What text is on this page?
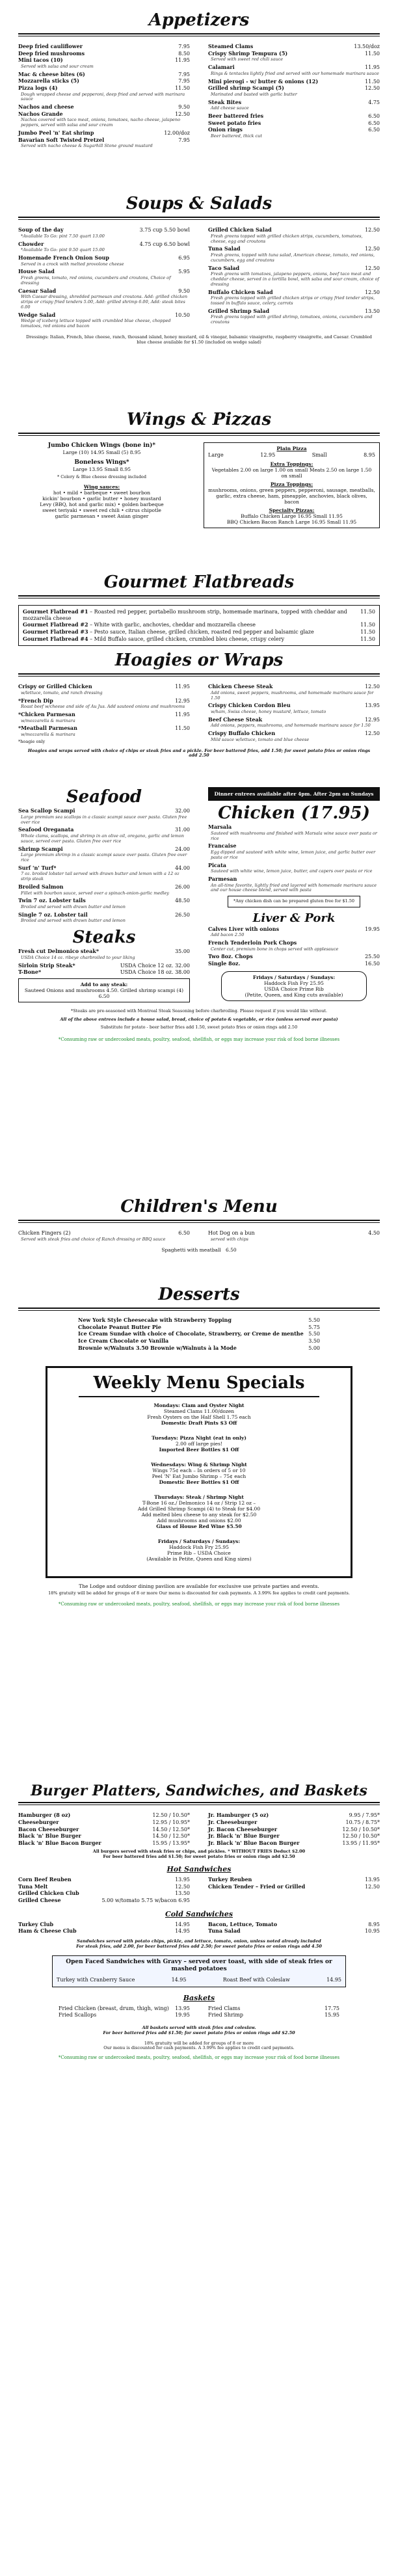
Appetizers
Deep fried cauliflower	7.95
Deep fried mushrooms	8.50
Mini tacos (10)	11.95
Served with salsa and sour cream
Mac & cheese bites (6)	7.95
Mozzarella sticks (5)	7.95
Pizza logs (4)	11.50
Dough wrapped cheese and pepperoni, deep fried and served with marinara sauce
Nachos and cheese	9.50
Nachos Grande	12.50
Nachos covered with taco meat, onions, tomatoes, nacho cheese, jalapeno peppers, served with salsa and sour cream
Jumbo Peel 'n' Eat shrimp	12.00/doz
Bavarian Soft Twisted Pretzel	7.95
Served with nacho cheese & Sugarhill Stone ground mustard
Steamed Clams	13.50/doz
Crispy Shrimp Tempura (5)	11.50
Served with sweet red chili sauce
Calamari	11.95
Rings & tentacles lightly fried and served with our homemade marinara sauce
Mini pierogi - w/ butter & onions (12)	11.50
Grilled shrimp Scampi (5)	12.50
Marinated and basted with garlic butter
Steak Bites	4.75
Add cheese sauce
Beer battered fries	6.50
Sweet potato fries	6.50
Onion rings	6.50
Beer battered, thick cut
Soups & Salads
Soup of the day	3.75 cup 5.50 bowl
*Available To Go: pint 7.50 quart 13.00
Chowder	4.75 cup 6.50 bowl
*Available To Go: pint 9.50 quart 15.00
Homemade French Onion Soup	6.95
Served in a crock with melted provolone cheese
House Salad	5.95
Fresh greens, tomato, red onions, cucumbers and croutons, Choice of dressing
Caesar Salad	9.50
With Caesar dressing, shredded parmesan and croutons. Add: grilled chicken strips or crispy fried tenders 5.00, Add: grilled shrimp 6.00, Add: steak bites 6.00
Wedge Salad	10.50
Wedge of iceberg lettuce topped with crumbled blue cheese, chopped tomatoes, red onions and bacon
Grilled Chicken Salad	12.50
Fresh greens topped with grilled chicken strips, cucumbers, tomatoes, cheese, egg and croutons
Tuna Salad	12.50
Fresh greens, topped with tuna salad, American cheese, tomato, red onions, cucumbers, egg and croutons
Taco Salad	12.50
Fresh greens with tomatoes, jalapeno peppers, onions, beef taco meat and cheddar cheese, served in a tortilla bowl, with salsa and sour cream, choice of dressing
Buffalo Chicken Salad	12.50
Fresh greens topped with grilled chicken strips or crispy fried tender strips, tossed in buffalo sauce, celery, carrots
Grilled Shrimp Salad	13.50
Fresh greens topped with grilled shrimp, tomatoes, onions, cucumbers and croutons
Dressings: Italian, French, blue cheese, ranch, thousand island, honey mustard, oil & vinegar, balsamic vinaigrette, raspberry vinaigrette, and Caesar. Crumbled blue cheese available for $1.50 (included on wedge salad)
Wings & Pizzas
Jumbo Chicken Wings (bone in)*
Large (10) 14.95 Small (5) 8.95
Boneless Wings*
Large 13.95 Small 8.95
* Celery & Blue cheese dressing included
Wing sauces:
hot • mild • barbeque • sweet bourbon
kickin' bourbon • garlic butter • honey mustard
Levy (BBQ, hot and garlic mix) • golden barbeque
sweet teriyaki • sweet red chili • citrus chipotle
garlic parmesan • sweet Asian ginger
Plain Pizza
Large	12.95	Small	8.95
Extra Toppings:
Vegetables 2.00 on large 1.00 on small Meats 2.50 on large 1.50 on small
Pizza Toppings:
mushrooms, onions, green peppers, pepperoni, sausage, meatballs, garlic, extra cheese, ham, pineapple, anchovies, black olives, bacon
Specialty Pizzas:
Buffalo Chicken Large 16.95 Small 11.95
BBQ Chicken Bacon Ranch Large 16.95 Small 11.95
Gourmet Flatbreads
Gourmet Flatbread #1 – Roasted red pepper, portabello mushroom strip, homemade marinara, topped with cheddar and mozzarella cheese
11.50
Gourmet Flatbread #2 – White with garlic, anchovies, cheddar and mozzarella cheese	11.50
Gourmet Flatbread #3 – Pesto sauce, Italian cheese, grilled chicken, roasted red pepper and balsamic glaze	11.50
Gourmet Flatbread #4 – Mild Buffalo sauce, grilled chicken, crumbled bleu cheese, crispy celery	11.50
Hoagies or Wraps
Crispy or Grilled Chicken	11.95
w/lettuce, tomato, and ranch dressing
*French Dip	12.95
Roast beef w/cheese and side of Au Jus. Add sauteed onions and mushrooms
*Chicken Parmesan	11.95
w/mozzarella & marinara
*Meatball Parmesan	11.50
w/mozzarella & marinara
*hoagie only
Chicken Cheese Steak	12.50
Add onions, sweet peppers, mushrooms, and homemade marinara sauce for 1.50
Crispy Chicken Cordon Bleu	13.95
w/ham, Swiss cheese, honey mustard, lettuce, tomato
Beef Cheese Steak	12.95
Add onions, peppers, mushrooms, and homemade marinara sauce for 1.50
Crispy Buffalo Chicken	12.50
Mild sauce w/lettuce, tomato and blue cheese
Hoagies and wraps served with choice of chips or steak fries and a pickle. For beer battered fries, add 1.50; for sweet potato fries or onion rings add 2.50
Seafood
Sea Scallop Scampi	32.00
Large premium sea scallops in a classic scampi sauce over pasta. Gluten free over rice
Seafood Oreganata	31.00
Whole clams, scallops, and shrimp in an olive oil, oregano, garlic and lemon sauce, served over pasta. Gluten free over rice
Shrimp Scampi	24.00
Large premium shrimp in a classic scampi sauce over pasta. Gluten free over rice
Surf 'n' Turf*	44.00
7 oz. broiled lobster tail served with drawn butter and lemon with a 12 oz strip steak
Broiled Salmon	26.00
Fillet with bourbon sauce, served over a spinach-onion-garlic medley
Twin 7 oz. Lobster tails	48.50
Broiled and served with drawn butter and lemon
Single 7 oz. Lobster tail	26.50
Broiled and served with drawn butter and lemon
Steaks
Fresh cut Delmonico steak*	35.00
USDA Choice 14 oz. ribeye charbroiled to your liking
Sirloin Strip Steak*	USDA Choice 12 oz. 32.00
T-Bone*	USDA Choice 18 oz. 38.00
Add to any steak:
Sauteed Onions and mushrooms 4.50. Grilled shrimp scampi (4) 6.50
Dinner entrees available after 4pm. After 2pm on Sundays
Chicken (17.95)
Marsala
Sauteed with mushrooms and finished with Marsala wine sauce over pasta or rice
Francaise
Egg dipped and sauteed with white wine, lemon juice, and garlic butter over pasta or rice
Picata
Sauteed with white wine, lemon juice, butter, and capers over pasta or rice
Parmesan
An all-time favorite, lightly fried and layered with homemade marinara sauce and our house cheese blend, served with pasta
*Any chicken dish can be prepared gluten free for $1.50
Liver & Pork
Calves Liver with onions	19.95
Add bacon 2.50
French Tenderloin Pork Chops
Center cut, premium bone in chops served with applesauce
Two 8oz. Chops	25.50
Single 8oz.	16.50
Fridays / Saturdays / Sundays:
Haddock Fish Fry 25.95
USDA Choice Prime Rib
(Petite, Queen, and King cuts available)
*Steaks are pre-seasoned with Montreal Steak Seasoning before charbroiling. Please request if you would like without.
All of the above entrees include a house salad, bread, choice of potato & vegetable, or rice (unless served over pasta)
Substitute for potato - beer batter fries add 1.50, sweet potato fries or onion rings add 2.50
*Consuming raw or undercooked meats, poultry, seafood, shellfish, or eggs may increase your risk of food borne illnesses
Children's Menu
Chicken Fingers (2)	6.50
Served with steak fries and choice of Ranch dressing or BBQ sauce
Hot Dog on a bun	4.50
served with chips
Spaghetti with meatball 6.50
Desserts
New York Style Cheesecake with Strawberry Topping	5.50
Chocolate Peanut Butter Pie	5.75
Ice Cream Sundae with choice of Chocolate, Strawberry, or Creme de menthe 5.50
Ice Cream Chocolate or Vanilla	3.50
Brownie w/Walnuts 3.50 Brownie w/Walnuts à la Mode	5.00
Weekly Menu Specials
Mondays: Clam and Oyster Night
Steamed Clams 11.00/dozen
Fresh Oysters on the Half Shell 1.75 each
Domestic Draft Pints $3 Off
Tuesdays: Pizza Night (eat in only)
2.00 off large pies!
Imported Beer Bottles $1 Off
Wednesdays: Wing & Shrimp Night
Wings 75¢ each – In orders of 5 or 10
Peel 'N' Eat Jumbo Shrimp – 75¢ each
Domestic Beer Bottles $1 Off
Thursdays: Steak / Shrimp Night
T-Bone 16 oz./ Delmonico 14 oz / Strip 12 oz –
Add Grilled Shrimp Scampi (4) to Steak for $4.00
Add melted bleu cheese to any steak for $2.50
Add mushrooms and onions $2.00
Glass of House Red Wine $5.50
Fridays / Saturdays / Sundays:
Haddock Fish Fry 25.95
Prime Rib – USDA Choice
(Available in Petite, Queen and King sizes)
The Lodge and outdoor dining pavilion are available for exclusive use private parties and events.
18% gratuity will be added for groups of 8 or more Our menu is discounted for cash payments. A 3.99% fee applies to credit card payments.
*Consuming raw or undercooked meats, poultry, seafood, shellfish, or eggs may increase your risk of food borne illnesses
Burger Platters, Sandwiches, and Baskets
Hamburger (8 oz)	12.50 / 10.50*
Cheeseburger	12.95 / 10.95*
Bacon Cheeseburger	14.50 / 12.50*
Black 'n' Blue Burger	14.50 / 12.50*
Black 'n' Blue Bacon Burger	15.95 / 13.95*
Jr. Hamburger (5 oz)	9.95 / 7.95*
Jr. Cheeseburger	10.75 / 8.75*
Jr. Bacon Cheeseburger	12.50 / 10.50*
Jr. Black 'n' Blue Burger	12.50 / 10.50*
Jr. Black 'n' Blue Bacon Burger	13.95 / 11.95*
All burgers served with steak fries or chips, and pickles. * WITHOUT FRIES Deduct $2.00
For beer battered fries add $1.50; for sweet potato fries or onion rings add $2.50
Hot Sandwiches
Corn Beef Reuben	13.95
Tuna Melt	12.50
Grilled Chicken Club	13.50
Grilled Cheese	5.00 w/tomato 5.75 w/bacon 6.95
Turkey Reuben	13.95
Chicken Tender – Fried or Grilled	12.50
Cold Sandwiches
Turkey Club	14.95
Ham & Cheese Club	14.95
Bacon, Lettuce, Tomato	8.95
Tuna Salad	10.95
Sandwiches served with potato chips, pickle, and lettuce, tomato, onion, unless noted already included
For steak fries, add 2.00, for beer battered fries add 2.50; for sweet potato fries or onion rings add 4.50
Open Faced Sandwiches with Gravy – served over toast, with side of steak fries or mashed potatoes
Turkey with Cranberry Sauce	14.95	Roast Beef with Coleslaw	14.95
Baskets
Fried Chicken (breast, drum, thigh, wing) 13.95
Fried Scallops	19.95
Fried Clams	17.75
Fried Shrimp	15.95
All baskets served with steak fries and coleslaw.
For beer battered fries add $1.50; for sweet potato fries or onion rings add $2.50
18% gratuity will be added for groups of 8 or more
Our menu is discounted for cash payments. A 3.99% fee applies to credit card payments.
*Consuming raw or undercooked meats, poultry, seafood, shellfish, or eggs may increase your risk of food borne illnesses
